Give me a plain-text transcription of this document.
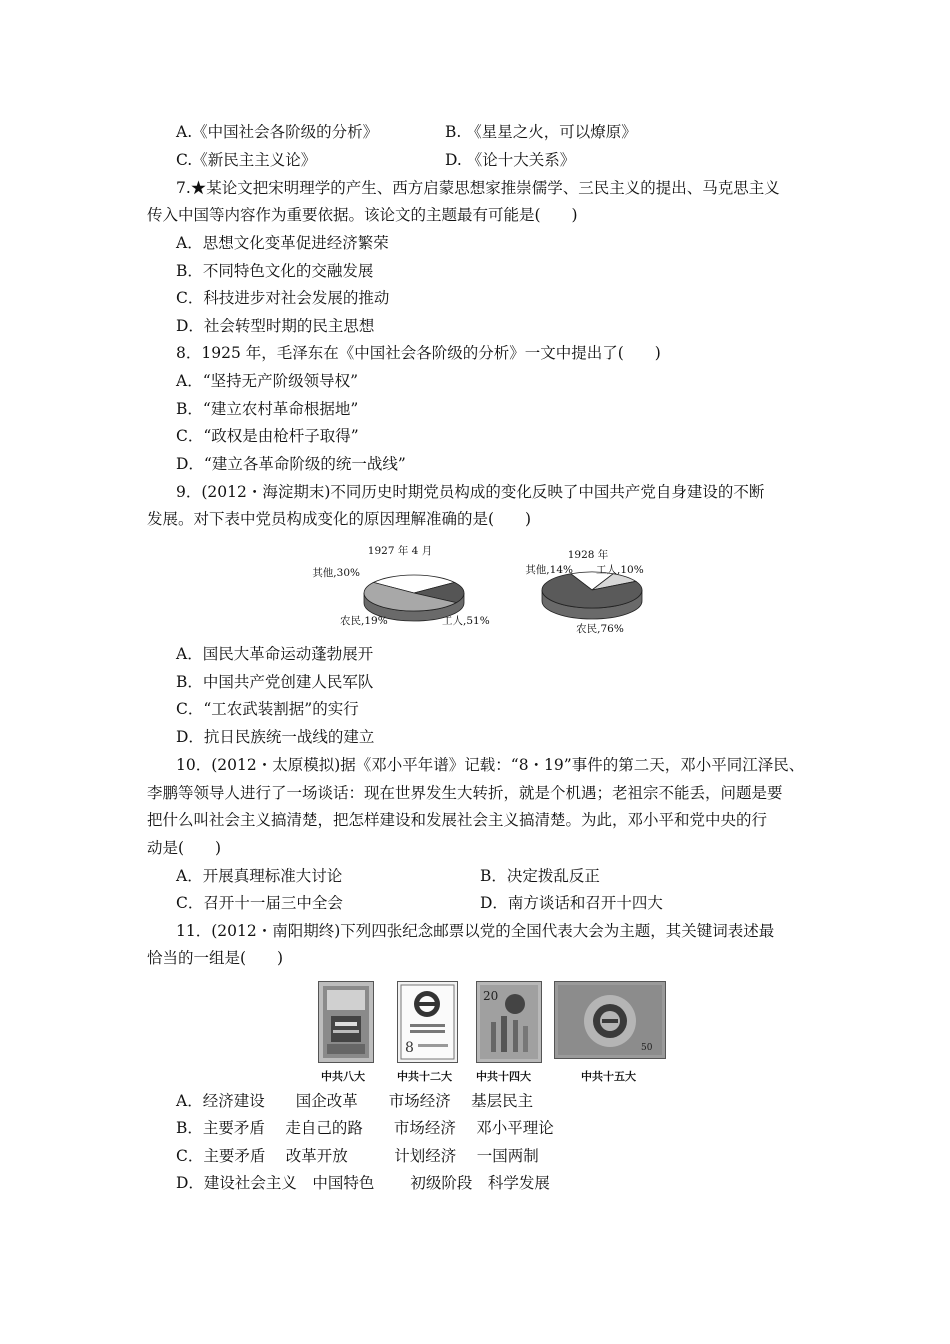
A.《中国社会各阶级的分析》	B. 《星星之火，可以燎原》
C.《新民主主义论》	D. 《论十大关系》
7.★某论文把宋明理学的产生、西方启蒙思想家推崇儒学、三民主义的提出、马克思主义
传入中国等内容作为重要依据。该论文的主题最有可能是(　　)
A．思想文化变革促进经济繁荣
B．不同特色文化的交融发展
C．科技进步对社会发展的推动
D．社会转型时期的民主思想
8．1925 年，毛泽东在《中国社会各阶级的分析》一文中提出了(　　)
A．“坚持无产阶级领导权”
B．“建立农村革命根据地”
C．“政权是由枪杆子取得”
D．“建立各革命阶级的统一战线”
9．(2012・海淀期末)不同历史时期党员构成的变化反映了中国共产党自身建设的不断
发展。对下表中党员构成变化的原因理解准确的是(　　)
1927 年 4 月
其他,30%
农民,19%	工人,51%
1928 年
其他,14% 工人,10%
农民,76%
A．国民大革命运动蓬勃展开
B．中国共产党创建人民军队
C．“工农武装割据”的实行
D．抗日民族统一战线的建立
10．(2012・太原模拟)据《邓小平年谱》记载：“8・19”事件的第二天，邓小平同江泽民、
李鹏等领导人进行了一场谈话：现在世界发生大转折，就是个机遇；老祖宗不能丢，问题是要
把什么叫社会主义搞清楚，把怎样建设和发展社会主义搞清楚。为此，邓小平和党中央的行
动是(　　)
A．开展真理标准大讨论	B．决定拨乱反正
C．召开十一届三中全会	D．南方谈话和召开十四大
11．(2012・南阳期终)下列四张纪念邮票以党的全国代表大会为主题，其关键词表述最
恰当的一组是(　　)
8
20
50
中共八大	中共十二大 中共十四大	中共十五大
A．经济建设　　国企改革　　市场经济　 基层民主
B．主要矛盾　 走自己的路　　市场经济　 邓小平理论
C．主要矛盾　 改革开放　　　计划经济　 一国两制
D．建设社会主义　中国特色　　 初级阶段　科学发展
